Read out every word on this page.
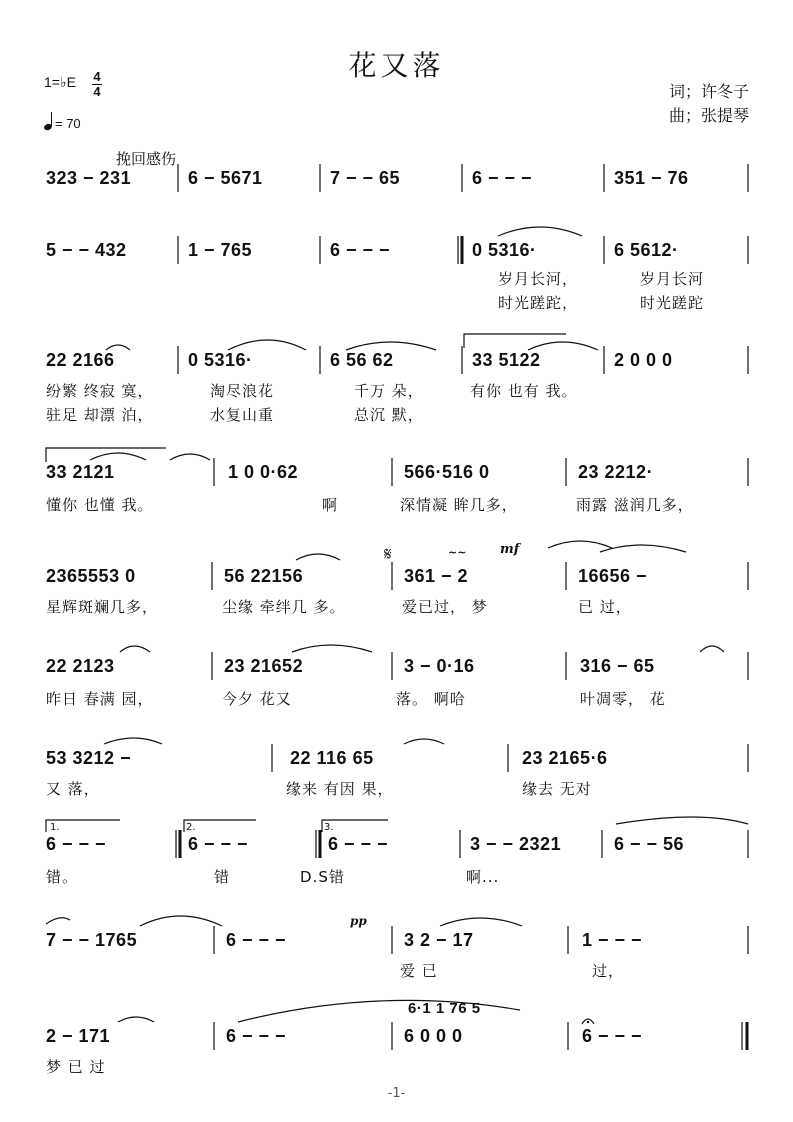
花又落
词；许冬子
曲；张提琴
1=♭E 4
4
= 70
挽回感伤
323 − 231	6 − 5671	7 − − 65	6 − − −	351 − 76
5 − − 432	1 − 765	6 − − −	0 5316·	6 5612·
岁月长河，	岁月长河
时光蹉跎，	时光蹉跎
22 2166	0 5316·	6 56 62	33 5122	2 0 0 0
纷繁 终寂 寞，	淘尽浪花	千万 朵，	有你 也有 我。
驻足 却漂 泊，	水复山重	总沉 默，
33 2121	1 0 0·62	566·516 0	23 2212·
懂你 也懂 我。	啊	深情凝 眸几多，	雨露 滋润几多，
𝄋	~~	mf
2365553 0	56 22156	361 − 2	16656 −
星辉斑斓几多，	尘缘 牵绊几 多。	爱已过， 梦	已 过，
22 2123	23 21652	3 − 0·16	316 − 65
昨日 春满 园，	今夕 花又	落。 啊哈	叶凋零， 花
53 3212 −	22 116 65	23 2165·6
又 落，	缘来 有因 果，	缘去 无对
1.	2.	3.
6 − − −	6 − − −	6 − − −	3 − − 2321	6 − − 56
错。	错	D.S错	啊...
pp
7 − − 1765	6 − − −	3 2 − 17	1 − − −
爱 已	过，
6·1 1 76 5
2 − 171	6 − − −	6 0 0 0	6 − − −
梦 已 过
-1-
